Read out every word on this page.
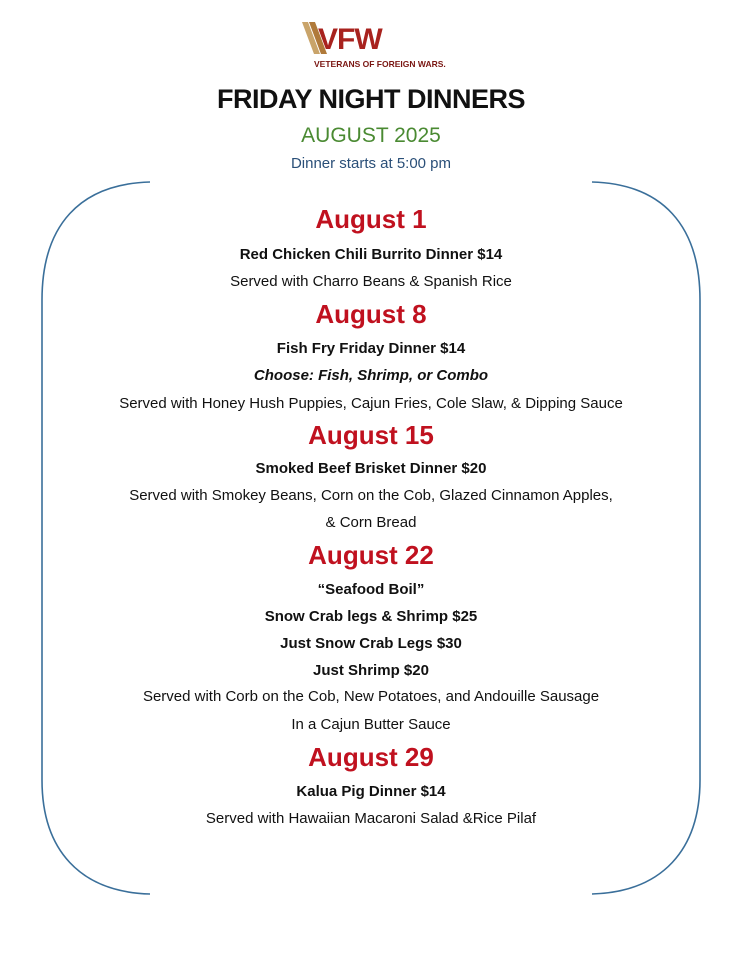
VFW
VETERANS OF FOREIGN WARS.
FRIDAY NIGHT DINNERS
AUGUST 2025
Dinner starts at 5:00 pm
August 1
Red Chicken Chili Burrito Dinner $14
Served with Charro Beans & Spanish Rice
August 8
Fish Fry Friday Dinner $14
Choose: Fish, Shrimp, or Combo
Served with Honey Hush Puppies, Cajun Fries, Cole Slaw, & Dipping Sauce
August 15
Smoked Beef Brisket Dinner $20
Served with Smokey Beans, Corn on the Cob, Glazed Cinnamon Apples,
& Corn Bread
August 22
“Seafood Boil”
Snow Crab legs & Shrimp $25
Just Snow Crab Legs $30
Just Shrimp $20
Served with Corb on the Cob, New Potatoes, and Andouille Sausage
In a Cajun Butter Sauce
August 29
Kalua Pig Dinner $14
Served with Hawaiian Macaroni Salad &Rice Pilaf
